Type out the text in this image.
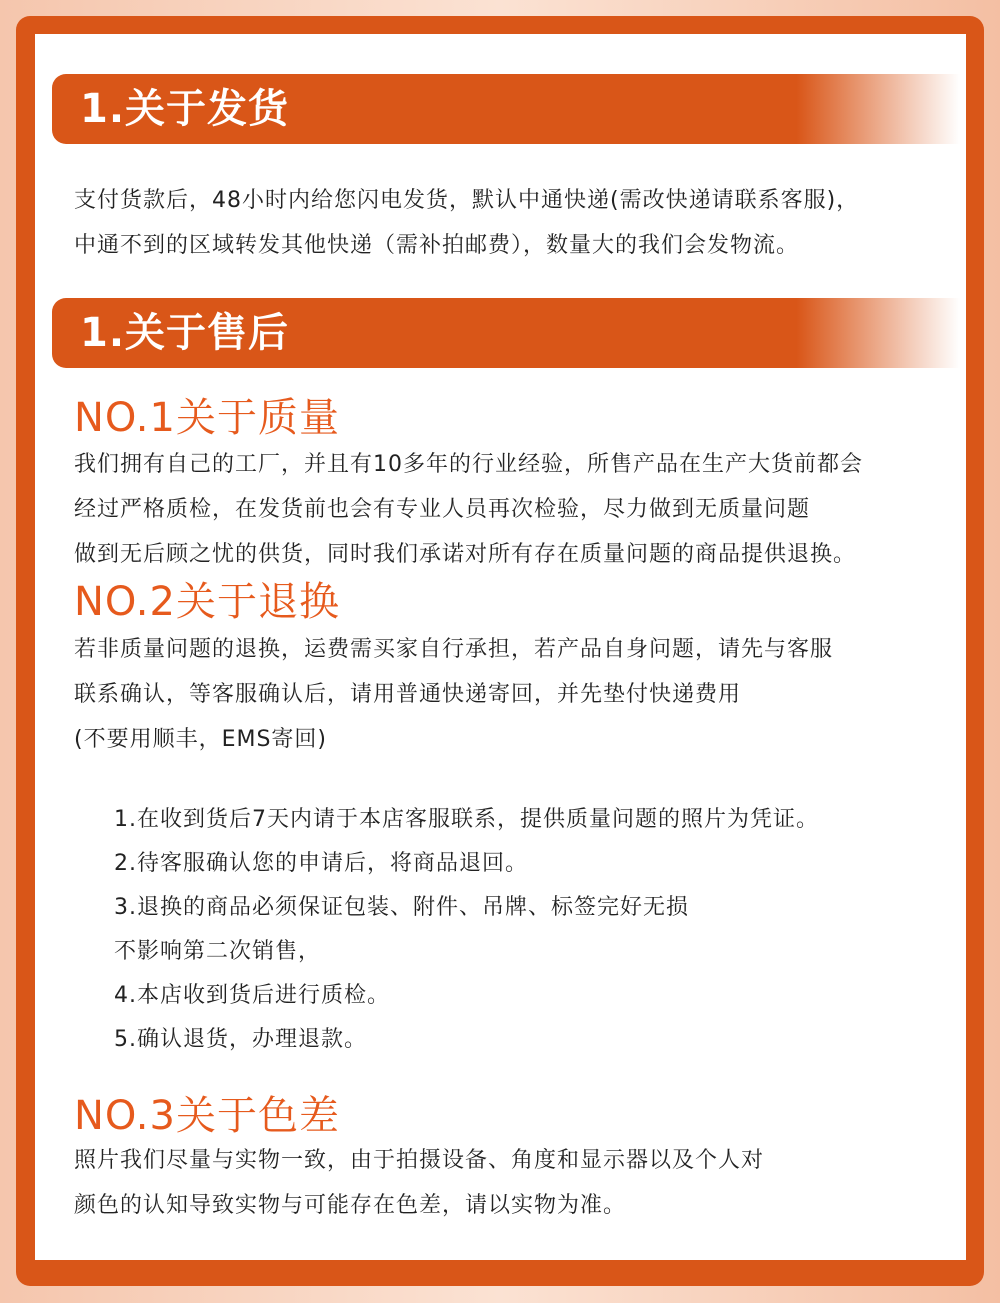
1.关于发货
支付货款后，48小时内给您闪电发货，默认中通快递(需改快递请联系客服)，
中通不到的区域转发其他快递（需补拍邮费），数量大的我们会发物流。
1.关于售后
NO.1关于质量
我们拥有自己的工厂，并且有10多年的行业经验，所售产品在生产大货前都会
经过严格质检，在发货前也会有专业人员再次检验，尽力做到无质量问题
做到无后顾之忧的供货，同时我们承诺对所有存在质量问题的商品提供退换。
NO.2关于退换
若非质量问题的退换，运费需买家自行承担，若产品自身问题，请先与客服
联系确认，等客服确认后，请用普通快递寄回，并先垫付快递费用
(不要用顺丰，EMS寄回)
1.在收到货后7天内请于本店客服联系，提供质量问题的照片为凭证。
2.待客服确认您的申请后，将商品退回。
3.退换的商品必须保证包装、附件、吊牌、标签完好无损
不影响第二次销售，
4.本店收到货后进行质检。
5.确认退货，办理退款。
NO.3关于色差
照片我们尽量与实物一致，由于拍摄设备、角度和显示器以及个人对
颜色的认知导致实物与可能存在色差，请以实物为准。
